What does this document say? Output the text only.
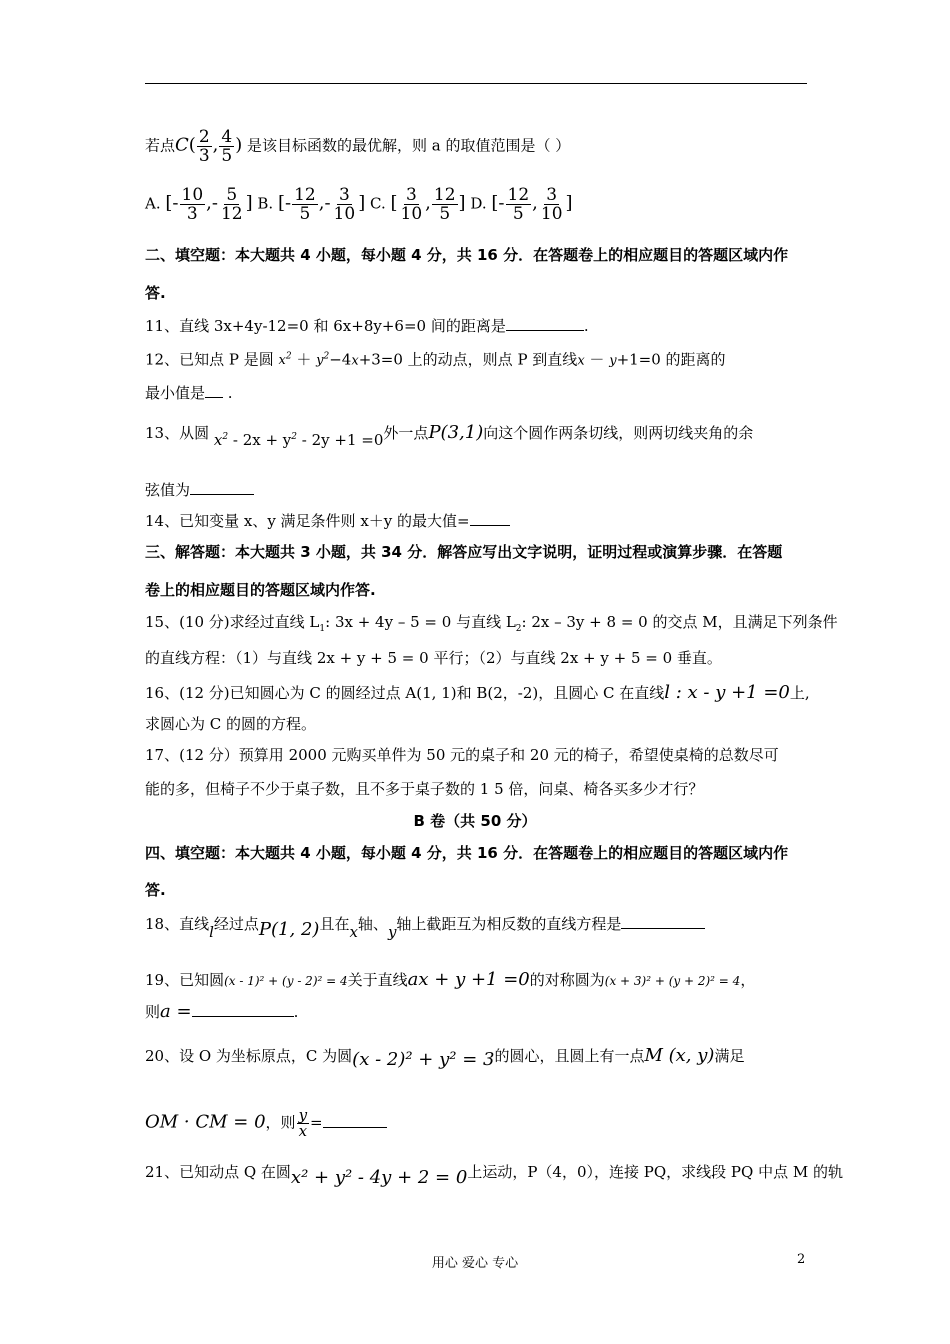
若点$C( \frac{2}{3}$ , $\frac{4}{5}$ ) 是该目标函数的最优解，则 a 的取值范围是（ ）
A. [- $\frac{10}{3}$ ,- $\frac{5}{12}$ ] B. [- $\frac{12}{5}$ ,- $\frac{3}{10}$ ] C. [ $\frac{3}{10}$ , $\frac{12}{5}$ ] D. [- $\frac{12}{5}$ , $\frac{3}{10}$ ]
二、填空题：本大题共 4 小题，每小题 4 分，共 16 分．在答题卷上的相应题目的答题区域内作
答.
11、直线 3x+4y-12=0 和 6x+8y+6=0 间的距离是	.
12、已知点 P 是圆 $x^2 + y^2-4x+3=0$ 上的动点，则点 P 到直线x － y+1=0 的距离的
最小值是 .
13、从圆 $x^2 - 2x + y^2 - 2y +1 =0$外一点P(3,1)向这个圆作两条切线，则两切线夹角的余
弦值为
14、已知变量 x、y 满足条件则 x＋y 的最大值=
三、解答题：本大题共 3 小题，共 34 分．解答应写出文字说明，证明过程或演算步骤．在答题
卷上的相应题目的答题区域内作答.
15、(10 分)求经过直线 $L_1$: 3x + 4y – 5 = 0 与直线 $L_2$: 2x – 3y + 8 = 0 的交点 M，且满足下列条件
的直线方程：（1）与直线 2x + y + 5 = 0 平行；（2）与直线 2x + y + 5 = 0 垂直。
16、(12 分)已知圆心为 C 的圆经过点 A(1, 1)和 B(2，-2)，且圆心 C 在直线l : x - y +1 =0上,
求圆心为 C 的圆的方程。
17、(12 分）预算用 2000 元购买单件为 50 元的桌子和 20 元的椅子，希望使桌椅的总数尽可
能的多，但椅子不少于桌子数，且不多于桌子数的 1 5 倍，问桌、椅各买多少才行？
B 卷（共 50 分）
四、填空题：本大题共 4 小题，每小题 4 分，共 16 分．在答题卷上的相应题目的答题区域内作
答.
18、直线l经过点P(1, 2)且在x轴、y轴上截距互为相反数的直线方程是
19、已知圆(x - 1)² + (y - 2)² = 4关于直线ax + y +1 =0的对称圆为(x + 3)² + (y + 2)² = 4，
则a =	.
20、设 O 为坐标原点，C 为圆(x - 2)² + y² = 3的圆心，且圆上有一点M (x, y)满足
OM · CM = 0，则 $\frac{y}{x}$ =
21、已知动点 Q 在圆x² + y² - 4y + 2 = 0上运动，P（4，0），连接 PQ，求线段 PQ 中点 M 的轨
用心 爱心 专心	2
